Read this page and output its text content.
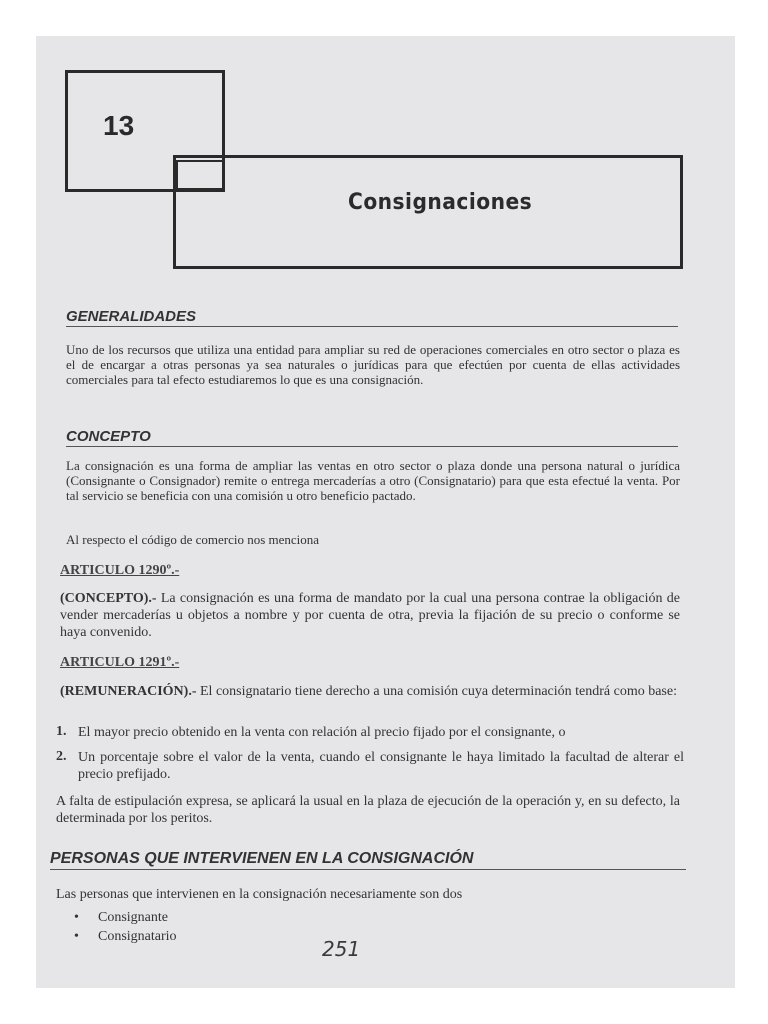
13
Consignaciones
GENERALIDADES
Uno de los recursos que utiliza una entidad para ampliar su red de operaciones comerciales en otro sector o plaza es el de encargar a otras personas ya sea naturales o jurídicas para que efectúen por cuenta de ellas actividades comerciales para tal efecto estudiaremos lo que es una consignación.
CONCEPTO
La consignación es una forma de ampliar las ventas en otro sector o plaza donde una persona natural o jurídica (Consignante o Consignador) remite o entrega mercaderías a otro (Consignatario) para que esta efectué la venta. Por tal servicio se beneficia con una comisión u otro beneficio pactado.
Al respecto el código de comercio nos menciona
ARTICULO 1290º.-
(CONCEPTO).- La consignación es una forma de mandato por la cual una persona contrae la obligación de vender mercaderías u objetos a nombre y por cuenta de otra, previa la fijación de su precio o conforme se haya convenido.
ARTICULO 1291º.-
(REMUNERACIÓN).- El consignatario tiene derecho a una comisión cuya determinación tendrá como base:
1. El mayor precio obtenido en la venta con relación al precio fijado por el consignante, o
2. Un porcentaje sobre el valor de la venta, cuando el consignante le haya limitado la facultad de alterar el precio prefijado.
A falta de estipulación expresa, se aplicará la usual en la plaza de ejecución de la operación y, en su defecto, la determinada por los peritos.
PERSONAS QUE INTERVIENEN EN LA CONSIGNACIÓN
Las personas que intervienen en la consignación necesariamente son dos
• Consignante
• Consignatario
251
